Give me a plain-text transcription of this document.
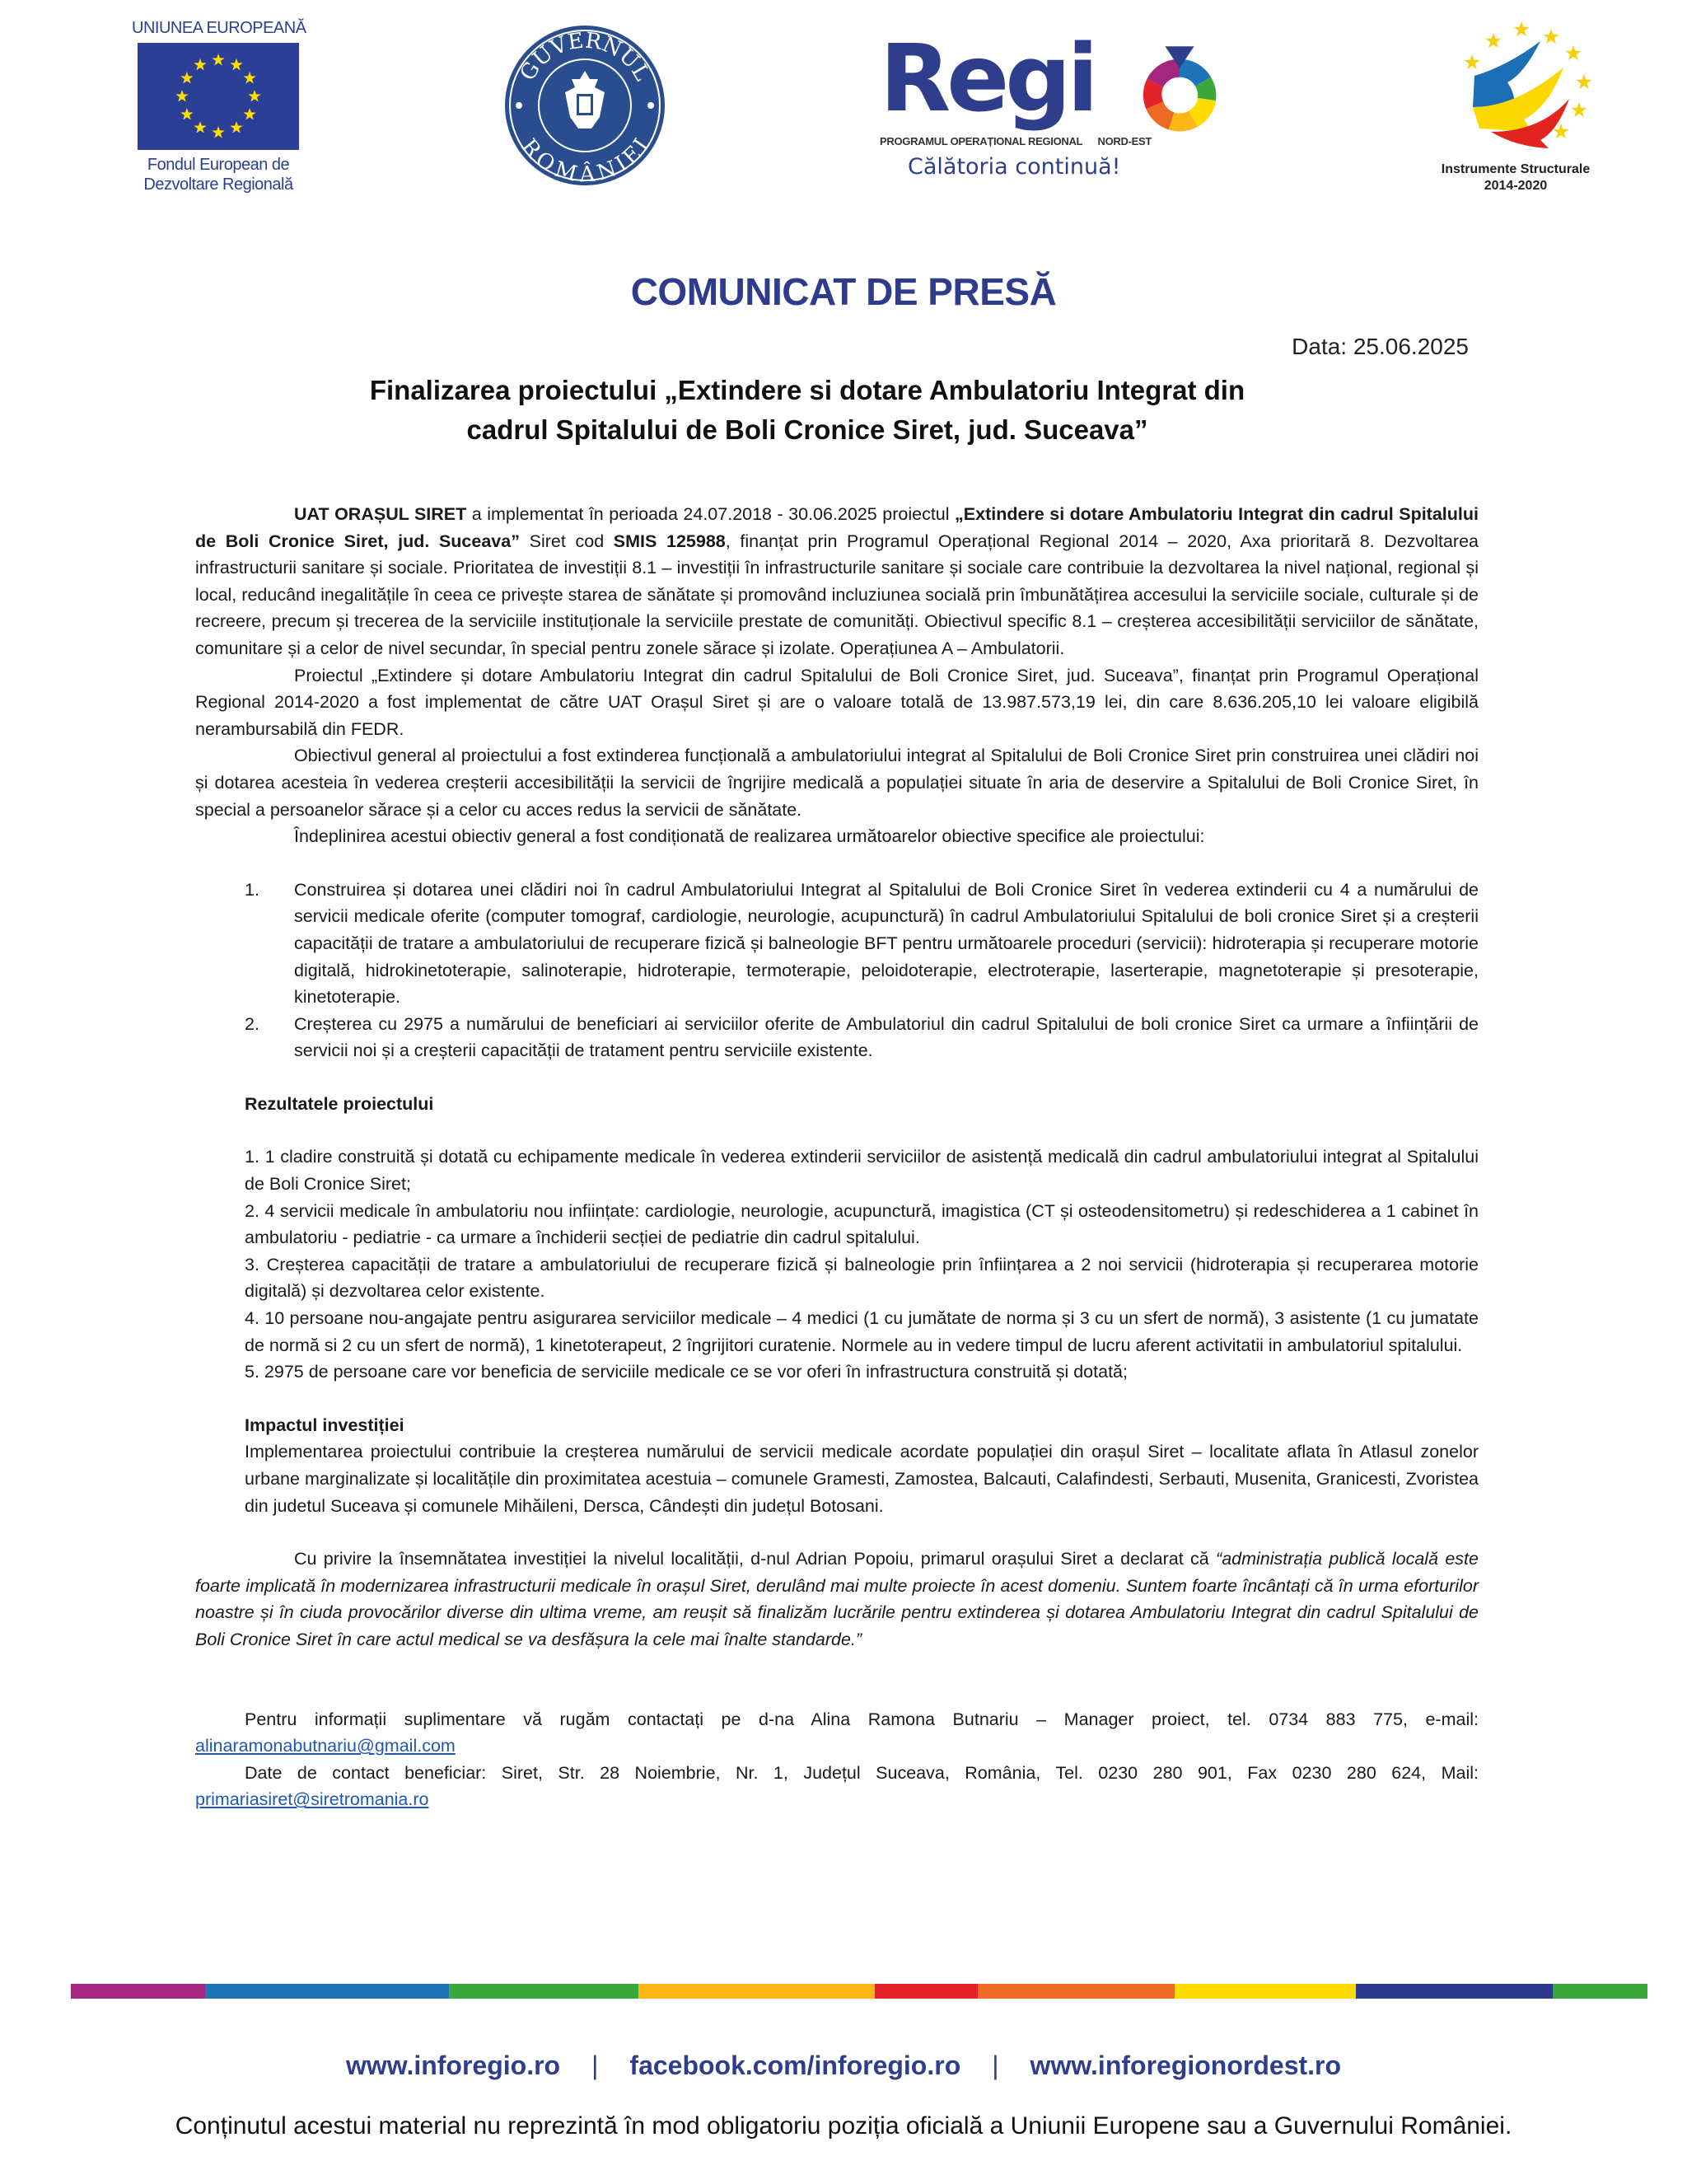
UNIUNEA EUROPEANĂ
Fondul European de
Dezvoltare Regională
GUVERNUL
ROMÂNIEI
Regi
PROGRAMUL OPERAȚIONAL REGIONAL NORD-EST
Călătoria continuă!	Instrumente Structurale
2014-2020
COMUNICAT DE PRESĂ
Data: 25.06.2025
Finalizarea proiectului „Extindere si dotare Ambulatoriu Integrat din
cadrul Spitalului de Boli Cronice Siret, jud. Suceava”

UAT ORAȘUL SIRET a implementat în perioada 24.07.2018 - 30.06.2025 proiectul „Extindere si dotare Ambulatoriu Integrat din cadrul Spitalului de Boli Cronice Siret, jud. Suceava” Siret cod SMIS 125988, finanțat prin Programul Operațional Regional 2014 – 2020, Axa prioritară 8. Dezvoltarea infrastructurii sanitare și sociale. Prioritatea de investiții 8.1 – investiții în infrastructurile sanitare și sociale care contribuie la dezvoltarea la nivel național, regional și local, reducând inegalitățile în ceea ce privește starea de sănătate și promovând incluziunea socială prin îmbunătățirea accesului la serviciile sociale, culturale și de recreere, precum și trecerea de la serviciile instituționale la serviciile prestate de comunități. Obiectivul specific 8.1 – creșterea accesibilității serviciilor de sănătate, comunitare și a celor de nivel secundar, în special pentru zonele sărace și izolate. Operațiunea A – Ambulatorii.

Proiectul „Extindere și dotare Ambulatoriu Integrat din cadrul Spitalului de Boli Cronice Siret, jud. Suceava”, finanțat prin Programul Operațional Regional 2014-2020 a fost implementat de către UAT Orașul Siret și are o valoare totală de 13.987.573,19 lei, din care 8.636.205,10 lei valoare eligibilă nerambursabilă din FEDR.

Obiectivul general al proiectului a fost extinderea funcțională a ambulatoriului integrat al Spitalului de Boli Cronice Siret prin construirea unei clădiri noi și dotarea acesteia în vederea creșterii accesibilității la servicii de îngrijire medicală a populației situate în aria de deservire a Spitalului de Boli Cronice Siret, în special a persoanelor sărace și a celor cu acces redus la servicii de sănătate.

Îndeplinirea acestui obiectiv general a fost condiționată de realizarea următoarelor obiective specifice ale proiectului:

1. Construirea și dotarea unei clădiri noi în cadrul Ambulatoriului Integrat al Spitalului de Boli Cronice Siret în vederea extinderii cu 4 a numărului de servicii medicale oferite (computer tomograf, cardiologie, neurologie, acupunctură) în cadrul Ambulatoriului Spitalului de boli cronice Siret și a creșterii capacității de tratare a ambulatoriului de recuperare fizică și balneologie BFT pentru următoarele proceduri (servicii): hidroterapia și recuperare motorie digitală, hidrokinetoterapie, salinoterapie, hidroterapie, termoterapie, peloidoterapie, electroterapie, laserterapie, magnetoterapie și presoterapie, kinetoterapie.
2. Creșterea cu 2975 a numărului de beneficiari ai serviciilor oferite de Ambulatoriul din cadrul Spitalului de boli cronice Siret ca urmare a înființării de servicii noi și a creșterii capacității de tratament pentru serviciile existente.

Rezultatele proiectului

1. 1 cladire construită și dotată cu echipamente medicale în vederea extinderii serviciilor de asistență medicală din cadrul ambulatoriului integrat al Spitalului de Boli Cronice Siret;

2. 4 servicii medicale în ambulatoriu nou inființate: cardiologie, neurologie, acupunctură, imagistica (CT și osteodensitometru) și redeschiderea a 1 cabinet în ambulatoriu - pediatrie - ca urmare a închiderii secției de pediatrie din cadrul spitalului.

3. Creșterea capacității de tratare a ambulatoriului de recuperare fizică și balneologie prin înființarea a 2 noi servicii (hidroterapia și recuperarea motorie digitală) și dezvoltarea celor existente.

4. 10 persoane nou-angajate pentru asigurarea serviciilor medicale – 4 medici (1 cu jumătate de norma și 3 cu un sfert de normă), 3 asistente (1 cu jumatate de normă si 2 cu un sfert de normă), 1 kinetoterapeut, 2 îngrijitori curatenie. Normele au in vedere timpul de lucru aferent activitatii in ambulatoriul spitalului.

5. 2975 de persoane care vor beneficia de serviciile medicale ce se vor oferi în infrastructura construită și dotată;

Impactul investiției

Implementarea proiectului contribuie la creșterea numărului de servicii medicale acordate populației din orașul Siret – localitate aflata în Atlasul zonelor urbane marginalizate și localitățile din proximitatea acestuia – comunele Gramesti, Zamostea, Balcauti, Calafindesti, Serbauti, Musenita, Granicesti, Zvoristea din judetul Suceava și comunele Mihăileni, Dersca, Cândești din județul Botosani.

Cu privire la însemnătatea investiției la nivelul localității, d-nul Adrian Popoiu, primarul orașului Siret a declarat că “administrația publică locală este foarte implicată în modernizarea infrastructurii medicale în orașul Siret, derulând mai multe proiecte în acest domeniu. Suntem foarte încântați că în urma eforturilor noastre și în ciuda provocărilor diverse din ultima vreme, am reușit să finalizăm lucrările pentru extinderea și dotarea Ambulatoriu Integrat din cadrul Spitalului de Boli Cronice Siret în care actul medical se va desfășura la cele mai înalte standarde.”

Pentru informații suplimentare vă rugăm contactați pe d-na Alina Ramona Butnariu – Manager proiect, tel. 0734 883 775, e-mail: alinaramonabutnariu@gmail.com

Date de contact beneficiar: Siret, Str. 28 Noiembrie, Nr. 1, Județul Suceava, România, Tel. 0230 280 901, Fax 0230 280 624, Mail: primariasiret@siretromania.ro

www.inforegio.ro | facebook.com/inforegio.ro | www.inforegionordest.ro
Conținutul acestui material nu reprezintă în mod obligatoriu poziția oficială a Uniunii Europene sau a Guvernului României.
